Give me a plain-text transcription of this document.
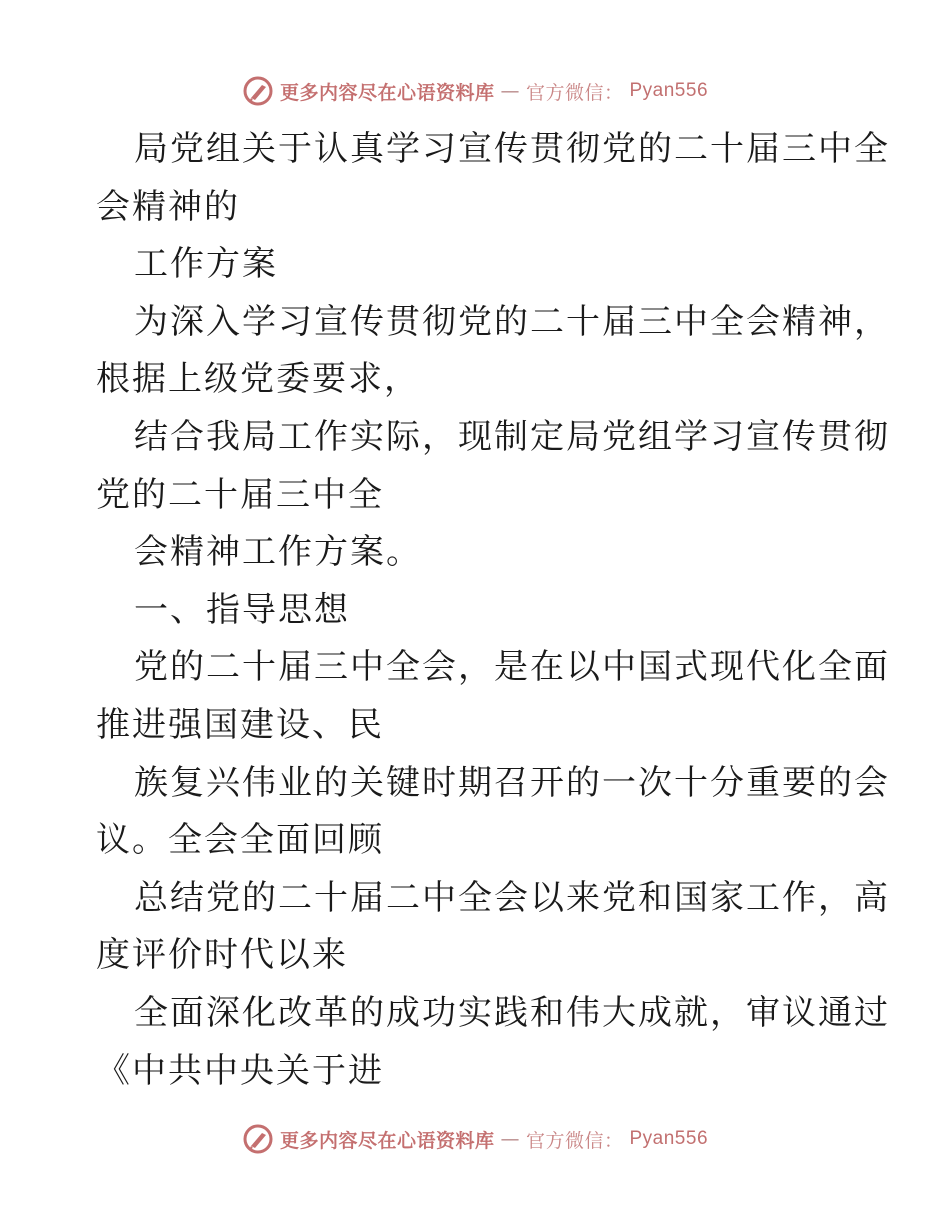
更多内容尽在心语资料库 — 官方微信： Pyan556
局党组关于认真学习宣传贯彻党的二十届三中全
会精神的
工作方案
为深入学习宣传贯彻党的二十届三中全会精神，
根据上级党委要求，
结合我局工作实际，现制定局党组学习宣传贯彻
党的二十届三中全
会精神工作方案。
一、指导思想
党的二十届三中全会，是在以中国式现代化全面
推进强国建设、民
族复兴伟业的关键时期召开的一次十分重要的会
议。全会全面回顾
总结党的二十届二中全会以来党和国家工作，高
度评价时代以来
全面深化改革的成功实践和伟大成就，审议通过
《中共中央关于进
更多内容尽在心语资料库 — 官方微信： Pyan556
